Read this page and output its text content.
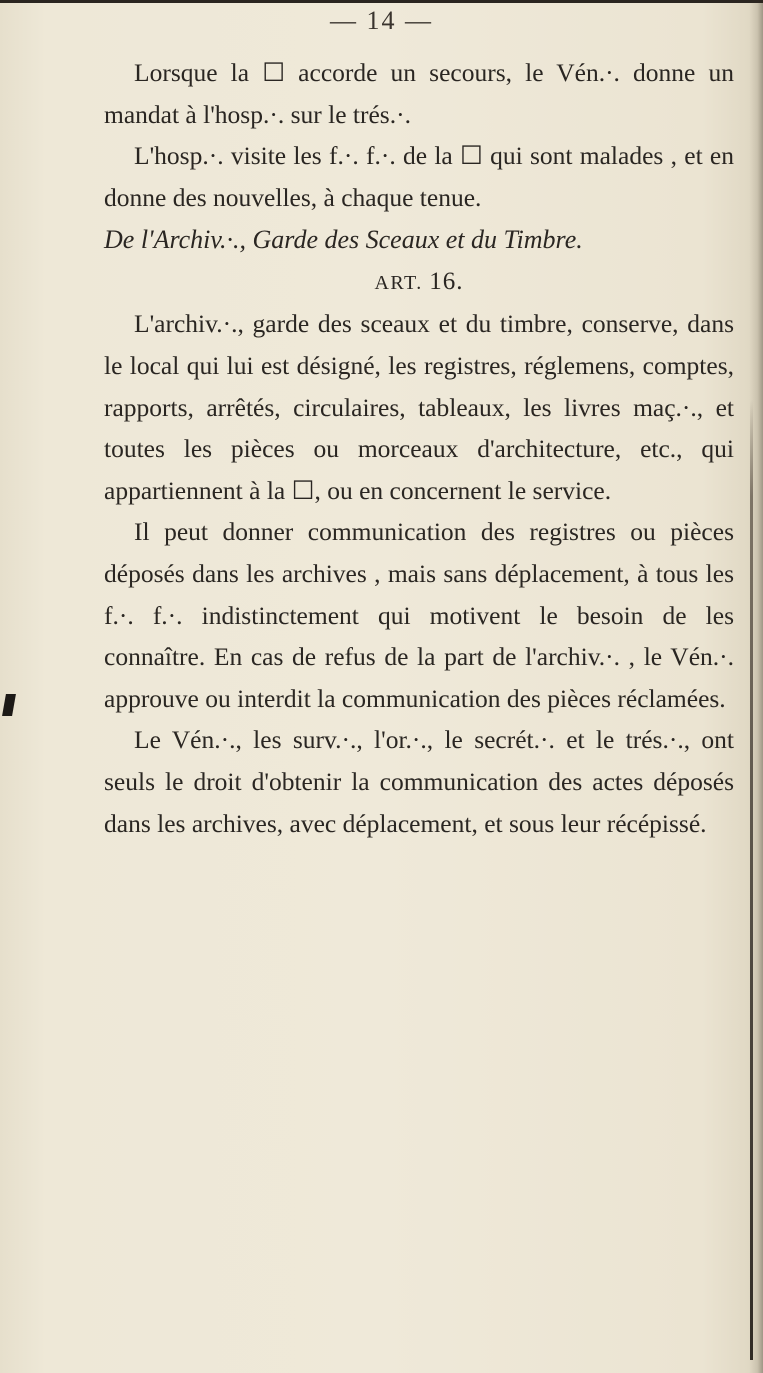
— 14 —

Lorsque la ☐ accorde un secours, le Vén.·. donne un mandat à l'hosp.·. sur le trés.·.

L'hosp.·. visite les f.·. f.·. de la ☐ qui sont malades , et en donne des nouvelles, à chaque tenue.

De l'Archiv.·., Garde des Sceaux et du Timbre.

ART. 16.

L'archiv.·., garde des sceaux et du timbre, conserve, dans le local qui lui est désigné, les registres, réglemens, comptes, rapports, arrêtés, circulaires, tableaux, les livres maç.·., et toutes les pièces ou morceaux d'architecture, etc., qui appartiennent à la ☐, ou en concernent le service.

Il peut donner communication des registres ou pièces déposés dans les archives , mais sans déplacement, à tous les f.·. f.·. indistinctement qui motivent le besoin de les connaître. En cas de refus de la part de l'archiv.·. , le Vén.·. approuve ou interdit la communication des pièces réclamées.

Le Vén.·., les surv.·., l'or.·., le secrét.·. et le trés.·., ont seuls le droit d'obtenir la communication des actes déposés dans les archives, avec déplacement, et sous leur récépissé.
